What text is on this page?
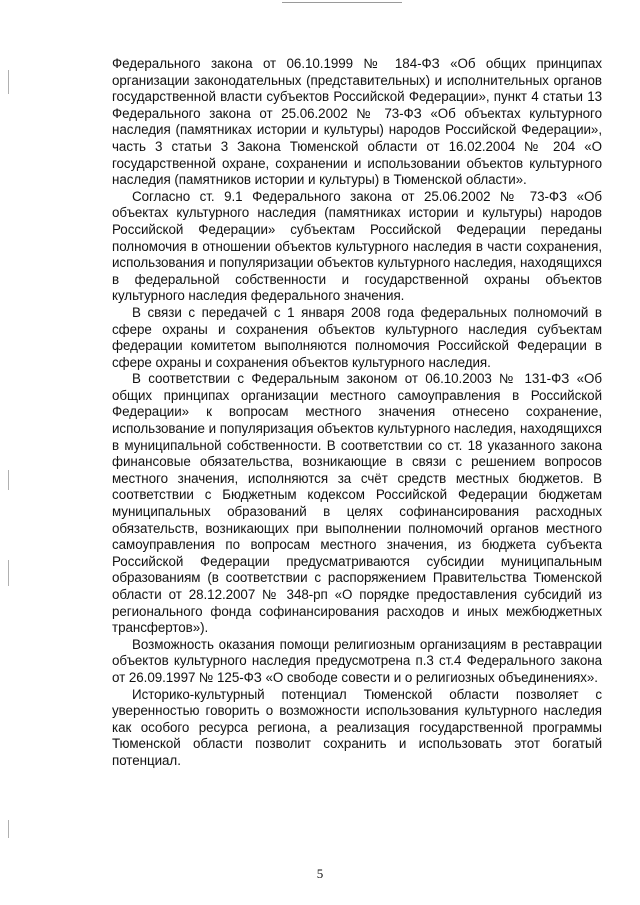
Федерального закона от 06.10.1999 № 184-ФЗ «Об общих принципах организации законодательных (представительных) и исполнительных органов государственной власти субъектов Российской Федерации», пункт 4 статьи 13 Федерального закона от 25.06.2002 № 73-ФЗ «Об объектах культурного наследия (памятниках истории и культуры) народов Российской Федерации», часть 3 статьи 3 Закона Тюменской области от 16.02.2004 № 204 «О государственной охране, сохранении и использовании объектов культурного наследия (памятников истории и культуры) в Тюменской области».

Согласно ст. 9.1 Федерального закона от 25.06.2002 № 73-ФЗ «Об объектах культурного наследия (памятниках истории и культуры) народов Российской Федерации» субъектам Российской Федерации переданы полномочия в отношении объектов культурного наследия в части сохранения, использования и популяризации объектов культурного наследия, находящихся в федеральной собственности и государственной охраны объектов культурного наследия федерального значения.

В связи с передачей с 1 января 2008 года федеральных полномочий в сфере охраны и сохранения объектов культурного наследия субъектам федерации комитетом выполняются полномочия Российской Федерации в сфере охраны и сохранения объектов культурного наследия.

В соответствии с Федеральным законом от 06.10.2003 № 131-ФЗ «Об общих принципах организации местного самоуправления в Российской Федерации» к вопросам местного значения отнесено сохранение, использование и популяризация объектов культурного наследия, находящихся в муниципальной собственности. В соответствии со ст. 18 указанного закона финансовые обязательства, возникающие в связи с решением вопросов местного значения, исполняются за счёт средств местных бюджетов. В соответствии с Бюджетным кодексом Российской Федерации бюджетам муниципальных образований в целях софинансирования расходных обязательств, возникающих при выполнении полномочий органов местного самоуправления по вопросам местного значения, из бюджета субъекта Российской Федерации предусматриваются субсидии муниципальным образованиям (в соответствии с распоряжением Правительства Тюменской области от 28.12.2007 № 348-рп «О порядке предоставления субсидий из регионального фонда софинансирования расходов и иных межбюджетных трансфертов»).

Возможность оказания помощи религиозным организациям в реставрации объектов культурного наследия предусмотрена п.3 ст.4 Федерального закона от 26.09.1997 № 125-ФЗ «О свободе совести и о религиозных объединениях».

Историко-культурный потенциал Тюменской области позволяет с уверенностью говорить о возможности использования культурного наследия как особого ресурса региона, а реализация государственной программы Тюменской области позволит сохранить и использовать этот богатый потенциал.

5
